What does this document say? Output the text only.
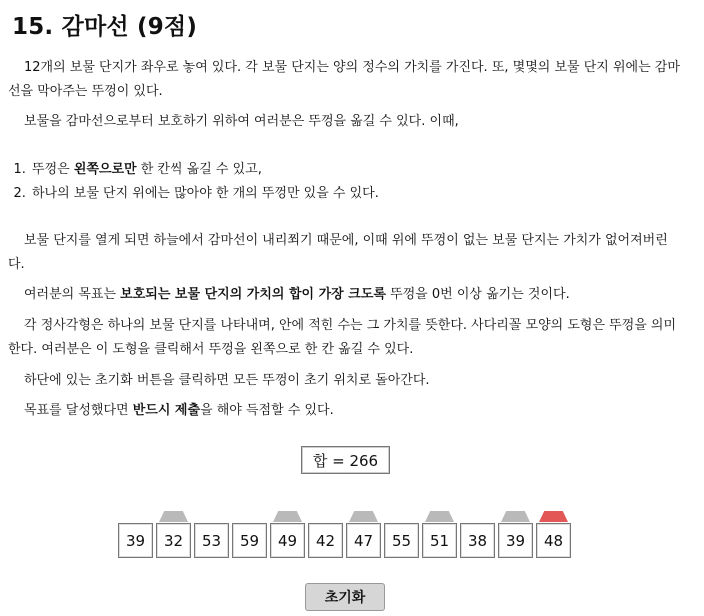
15. 감마선 (9점)
12개의 보물 단지가 좌우로 놓여 있다. 각 보물 단지는 양의 정수의 가치를 가진다. 또, 몇몇의 보물 단지 위에는 감마선을 막아주는 뚜껑이 있다.
보물을 감마선으로부터 보호하기 위하여 여러분은 뚜껑을 옮길 수 있다. 이때,
1. 뚜껑은 왼쪽으로만 한 칸씩 옮길 수 있고,
2. 하나의 보물 단지 위에는 많아야 한 개의 뚜껑만 있을 수 있다.
보물 단지를 열게 되면 하늘에서 감마선이 내리쬐기 때문에, 이때 위에 뚜껑이 없는 보물 단지는 가치가 없어져버린다.
여러분의 목표는 보호되는 보물 단지의 가치의 합이 가장 크도록 뚜껑을 0번 이상 옮기는 것이다.
각 정사각형은 하나의 보물 단지를 나타내며, 안에 적힌 수는 그 가치를 뜻한다. 사다리꼴 모양의 도형은 뚜껑을 의미한다. 여러분은 이 도형을 클릭해서 뚜껑을 왼쪽으로 한 칸 옮길 수 있다.
하단에 있는 초기화 버튼을 클릭하면 모든 뚜껑이 초기 위치로 돌아간다.
목표를 달성했다면 반드시 제출을 해야 득점할 수 있다.
합 = 266
39	32	53	59	49	42	47	55	51	38	39	48
초기화
